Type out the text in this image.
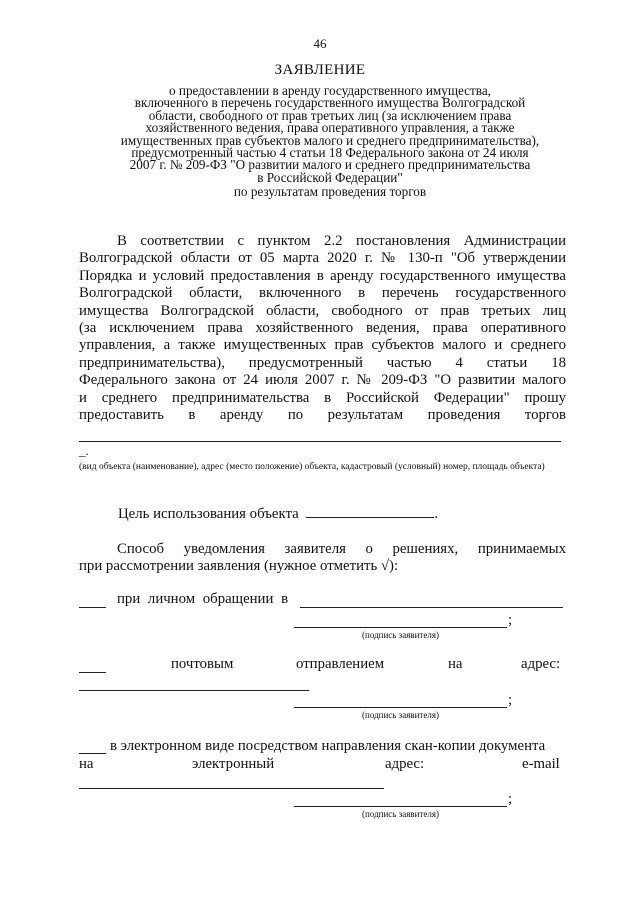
46
ЗАЯВЛЕНИЕ
о предоставлении в аренду государственного имущества,
включенного в перечень государственного имущества Волгоградской
области, свободного от прав третьих лиц (за исключением права
хозяйственного ведения, права оперативного управления, а также
имущественных прав субъектов малого и среднего предпринимательства),
предусмотренный частью 4 статьи 18 Федерального закона от 24 июля
2007 г. № 209-ФЗ "О развитии малого и среднего предпринимательства
в Российской Федерации"
по результатам проведения торгов
В соответствии с пунктом 2.2 постановления Администрации
Волгоградской области от 05 марта 2020 г. № 130-п "Об утверждении
Порядка и условий предоставления в аренду государственного имущества
Волгоградской области, включенного в перечень государственного
имущества Волгоградской области, свободного от прав третьих лиц
(за исключением права хозяйственного ведения, права оперативного
управления, а также имущественных прав субъектов малого и среднего
предпринимательства), предусмотренный частью 4 статьи 18
Федерального закона от 24 июля 2007 г. № 209-ФЗ "О развитии малого
и среднего предпринимательства в Российской Федерации" прошу
предоставить в аренду по результатам проведения торгов
_.
(вид объекта (наименование), адрес (место положение) объекта, кадастровый (условный) номер, площадь объекта)
Цель использования объекта	.
Способ уведомления заявителя о решениях, принимаемых
при рассмотрении заявления (нужное отметить √):
при личном обращении в
;
(подпись заявителя)
почтовым	отправлением	на	адрес:
;
(подпись заявителя)
в электронном виде посредством направления скан-копии документа
на	электронный	адрес:	e-mail
;
(подпись заявителя)
